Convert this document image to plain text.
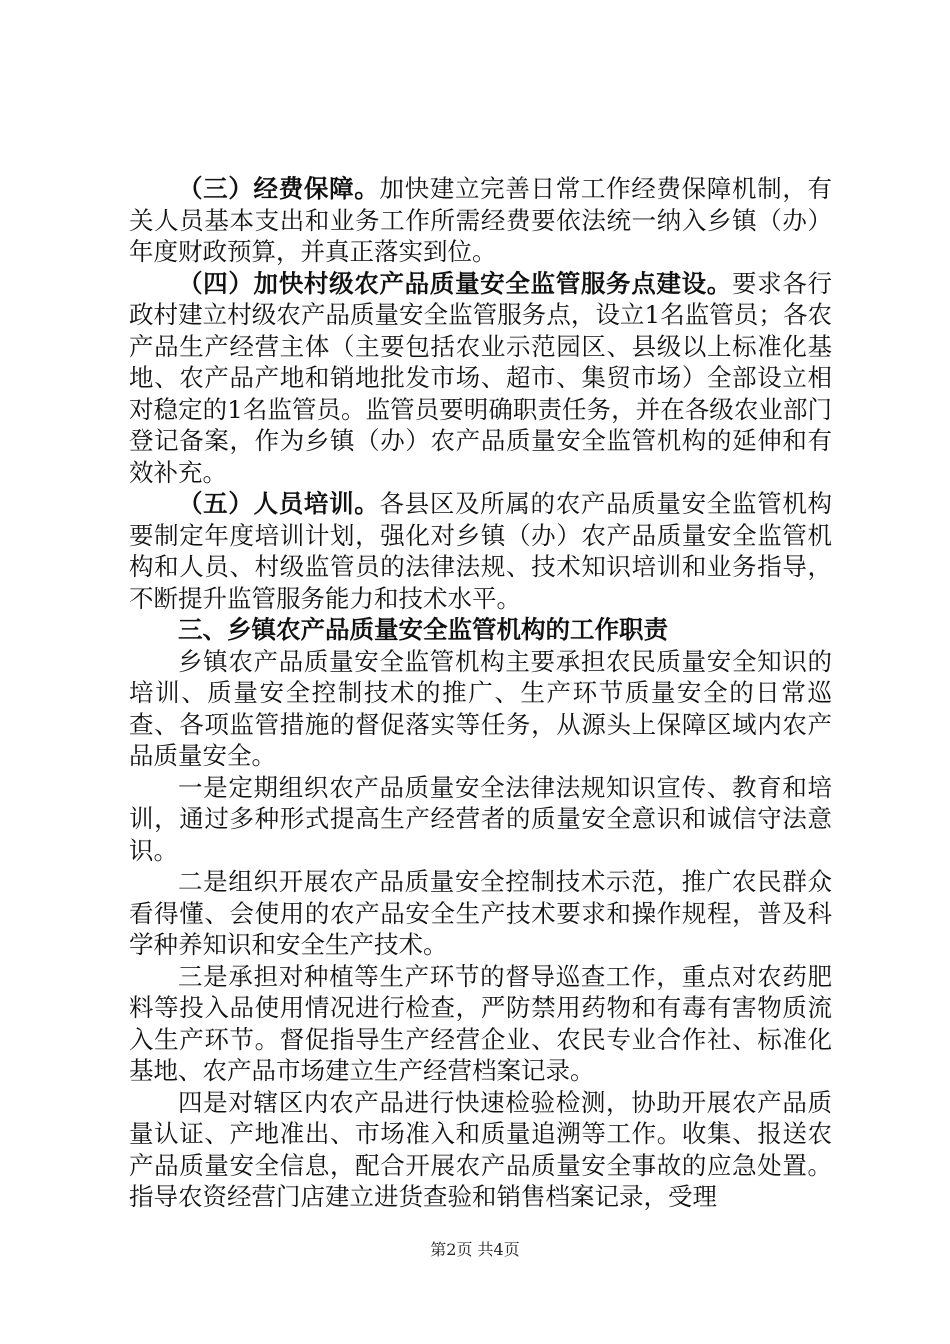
（三）经费保障。加快建立完善日常工作经费保障机制，有关人员基本支出和业务工作所需经费要依法统一纳入乡镇（办）年度财政预算，并真正落实到位。

（四）加快村级农产品质量安全监管服务点建设。要求各行政村建立村级农产品质量安全监管服务点，设立1名监管员；各农产品生产经营主体（主要包括农业示范园区、县级以上标准化基地、农产品产地和销地批发市场、超市、集贸市场）全部设立相对稳定的1名监管员。监管员要明确职责任务，并在各级农业部门登记备案，作为乡镇（办）农产品质量安全监管机构的延伸和有效补充。

（五）人员培训。各县区及所属的农产品质量安全监管机构要制定年度培训计划，强化对乡镇（办）农产品质量安全监管机构和人员、村级监管员的法律法规、技术知识培训和业务指导，不断提升监管服务能力和技术水平。

三、乡镇农产品质量安全监管机构的工作职责

乡镇农产品质量安全监管机构主要承担农民质量安全知识的培训、质量安全控制技术的推广、生产环节质量安全的日常巡查、各项监管措施的督促落实等任务，从源头上保障区域内农产品质量安全。

一是定期组织农产品质量安全法律法规知识宣传、教育和培训，通过多种形式提高生产经营者的质量安全意识和诚信守法意识。

二是组织开展农产品质量安全控制技术示范，推广农民群众看得懂、会使用的农产品安全生产技术要求和操作规程，普及科学种养知识和安全生产技术。

三是承担对种植等生产环节的督导巡查工作，重点对农药肥料等投入品使用情况进行检查，严防禁用药物和有毒有害物质流入生产环节。督促指导生产经营企业、农民专业合作社、标准化基地、农产品市场建立生产经营档案记录。

四是对辖区内农产品进行快速检验检测，协助开展农产品质量认证、产地准出、市场准入和质量追溯等工作。收集、报送农产品质量安全信息，配合开展农产品质量安全事故的应急处置。指导农资经营门店建立进货查验和销售档案记录，受理

第2页 共4页
